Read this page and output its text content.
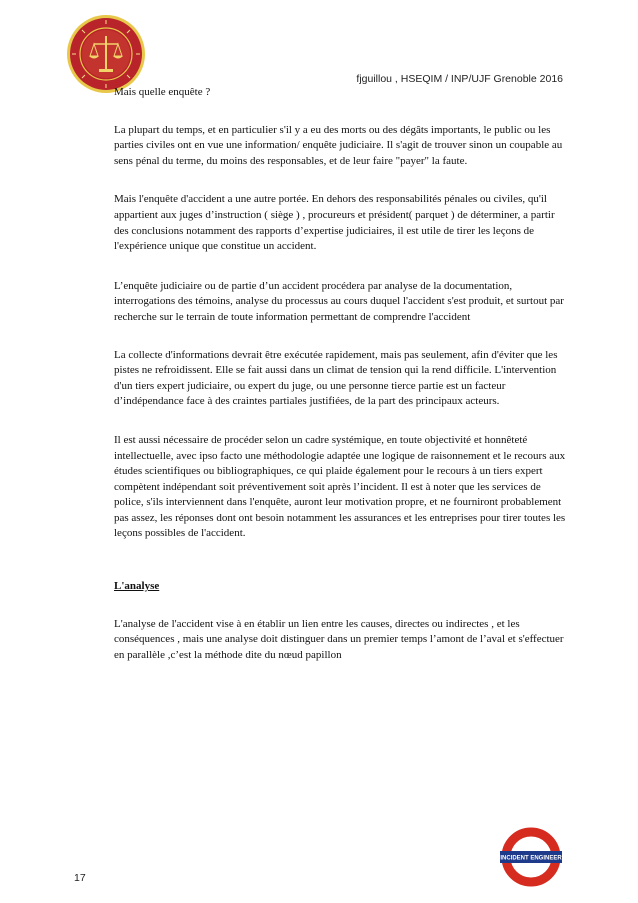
fjguillou , HSEQIM / INP/UJF Grenoble 2016

Mais quelle enquête ?

La plupart du temps, et en particulier s'il y a eu des morts ou des dégâts importants, le public ou les parties civiles ont en vue une information/ enquête judiciaire. Il s'agit de trouver sinon un coupable au sens pénal du terme, du moins des responsables, et de leur faire "payer" la faute.

Mais l'enquête d'accident a une autre portée. En dehors des responsabilités pénales ou civiles, qu'il appartient aux juges d’instruction ( siège ) , procureurs et président( parquet ) de déterminer, a partir des conclusions notamment des rapports d’expertise judiciaires, il est utile de tirer les leçons de l'expérience unique que constitue un accident.

L’enquête judiciaire ou de partie d’un accident procédera par analyse de la documentation, interrogations des témoins, analyse du processus au cours duquel l'accident s'est produit, et surtout par recherche sur le terrain de toute information permettant de comprendre l'accident

La collecte d'informations devrait être exécutée rapidement, mais pas seulement, afin d'éviter que les pistes ne refroidissent. Elle se fait aussi dans un climat de tension qui la rend difficile. L'intervention d'un tiers expert judiciaire, ou expert du juge, ou une personne tierce partie est un facteur d’indépendance face à des craintes partiales justifiées, de la part des principaux acteurs.

Il est aussi nécessaire de procéder selon un cadre systémique, en toute objectivité et honnêteté intellectuelle, avec ipso facto une méthodologie adaptée une logique de raisonnement et le recours aux études scientifiques ou bibliographiques, ce qui plaide également pour le recours à un tiers expert compètent indépendant soit préventivement soit après l’incident. Il est à noter que les services de police, s'ils interviennent dans l'enquête, auront leur motivation propre, et ne fourniront probablement pas assez, les réponses dont ont besoin notamment les assurances et les entreprises pour tirer toutes les leçons possibles de l'accident.

L'analyse

L'analyse de l'accident vise à en établir un lien entre les causes, directes ou indirectes , et les conséquences , mais une analyse doit distinguer dans un premier temps l’amont de l’aval et s'effectuer en parallèle ,c’est la méthode dite du nœud papillon

17
INCIDENT ENGINEER
